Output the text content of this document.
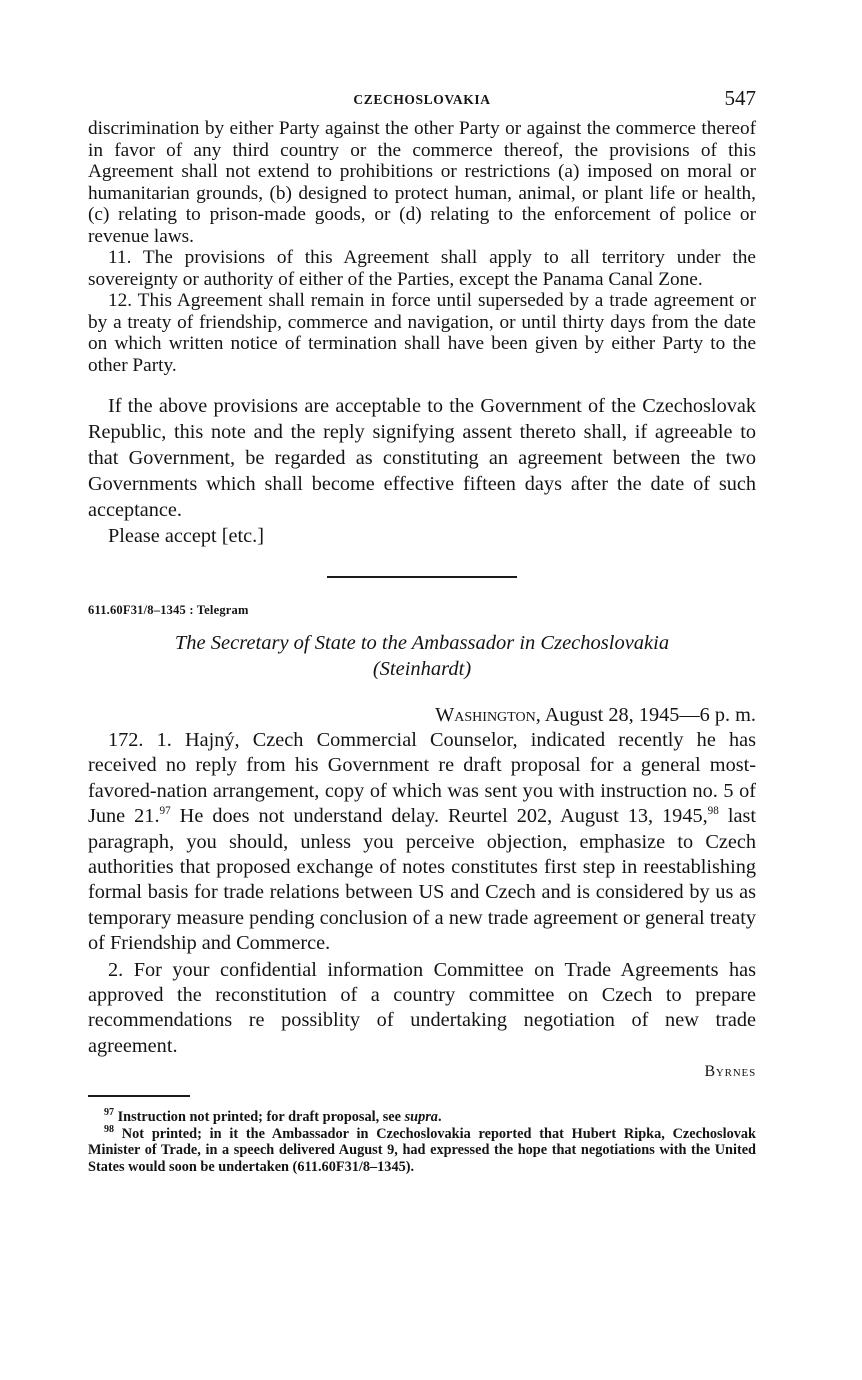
CZECHOSLOVAKIA	547

discrimination by either Party against the other Party or against the commerce thereof in favor of any third country or the commerce thereof, the provisions of this Agreement shall not extend to prohibitions or restrictions (a) imposed on moral or humanitarian grounds, (b) designed to protect human, animal, or plant life or health, (c) relating to prison-made goods, or (d) relating to the enforcement of police or revenue laws.

11. The provisions of this Agreement shall apply to all territory under the sovereignty or authority of either of the Parties, except the Panama Canal Zone.

12. This Agreement shall remain in force until superseded by a trade agreement or by a treaty of friendship, commerce and navigation, or until thirty days from the date on which written notice of termination shall have been given by either Party to the other Party.

If the above provisions are acceptable to the Government of the Czechoslovak Republic, this note and the reply signifying assent thereto shall, if agreeable to that Government, be regarded as constituting an agreement between the two Governments which shall become effective fifteen days after the date of such acceptance.

Please accept [etc.]

611.60F31/8–1345 : Telegram
The Secretary of State to the Ambassador in Czechoslovakia
(Steinhardt)
Washington, August 28, 1945—6 p. m.

172. 1. Hajný, Czech Commercial Counselor, indicated recently he has received no reply from his Government re draft proposal for a general most-favored-nation arrangement, copy of which was sent you with instruction no. 5 of June 21.97 He does not understand delay. Reurtel 202, August 13, 1945,98 last paragraph, you should, unless you perceive objection, emphasize to Czech authorities that proposed exchange of notes constitutes first step in reestablishing formal basis for trade relations between US and Czech and is considered by us as temporary measure pending conclusion of a new trade agreement or general treaty of Friendship and Commerce.

2. For your confidential information Committee on Trade Agreements has approved the reconstitution of a country committee on Czech to prepare recommendations re possiblity of undertaking negotiation of new trade agreement.

Byrnes

$^{97}$ Instruction not printed; for draft proposal, see supra.

$^{98}$ Not printed; in it the Ambassador in Czechoslovakia reported that Hubert Ripka, Czechoslovak Minister of Trade, in a speech delivered August 9, had expressed the hope that negotiations with the United States would soon be undertaken (611.60F31/8–1345).
